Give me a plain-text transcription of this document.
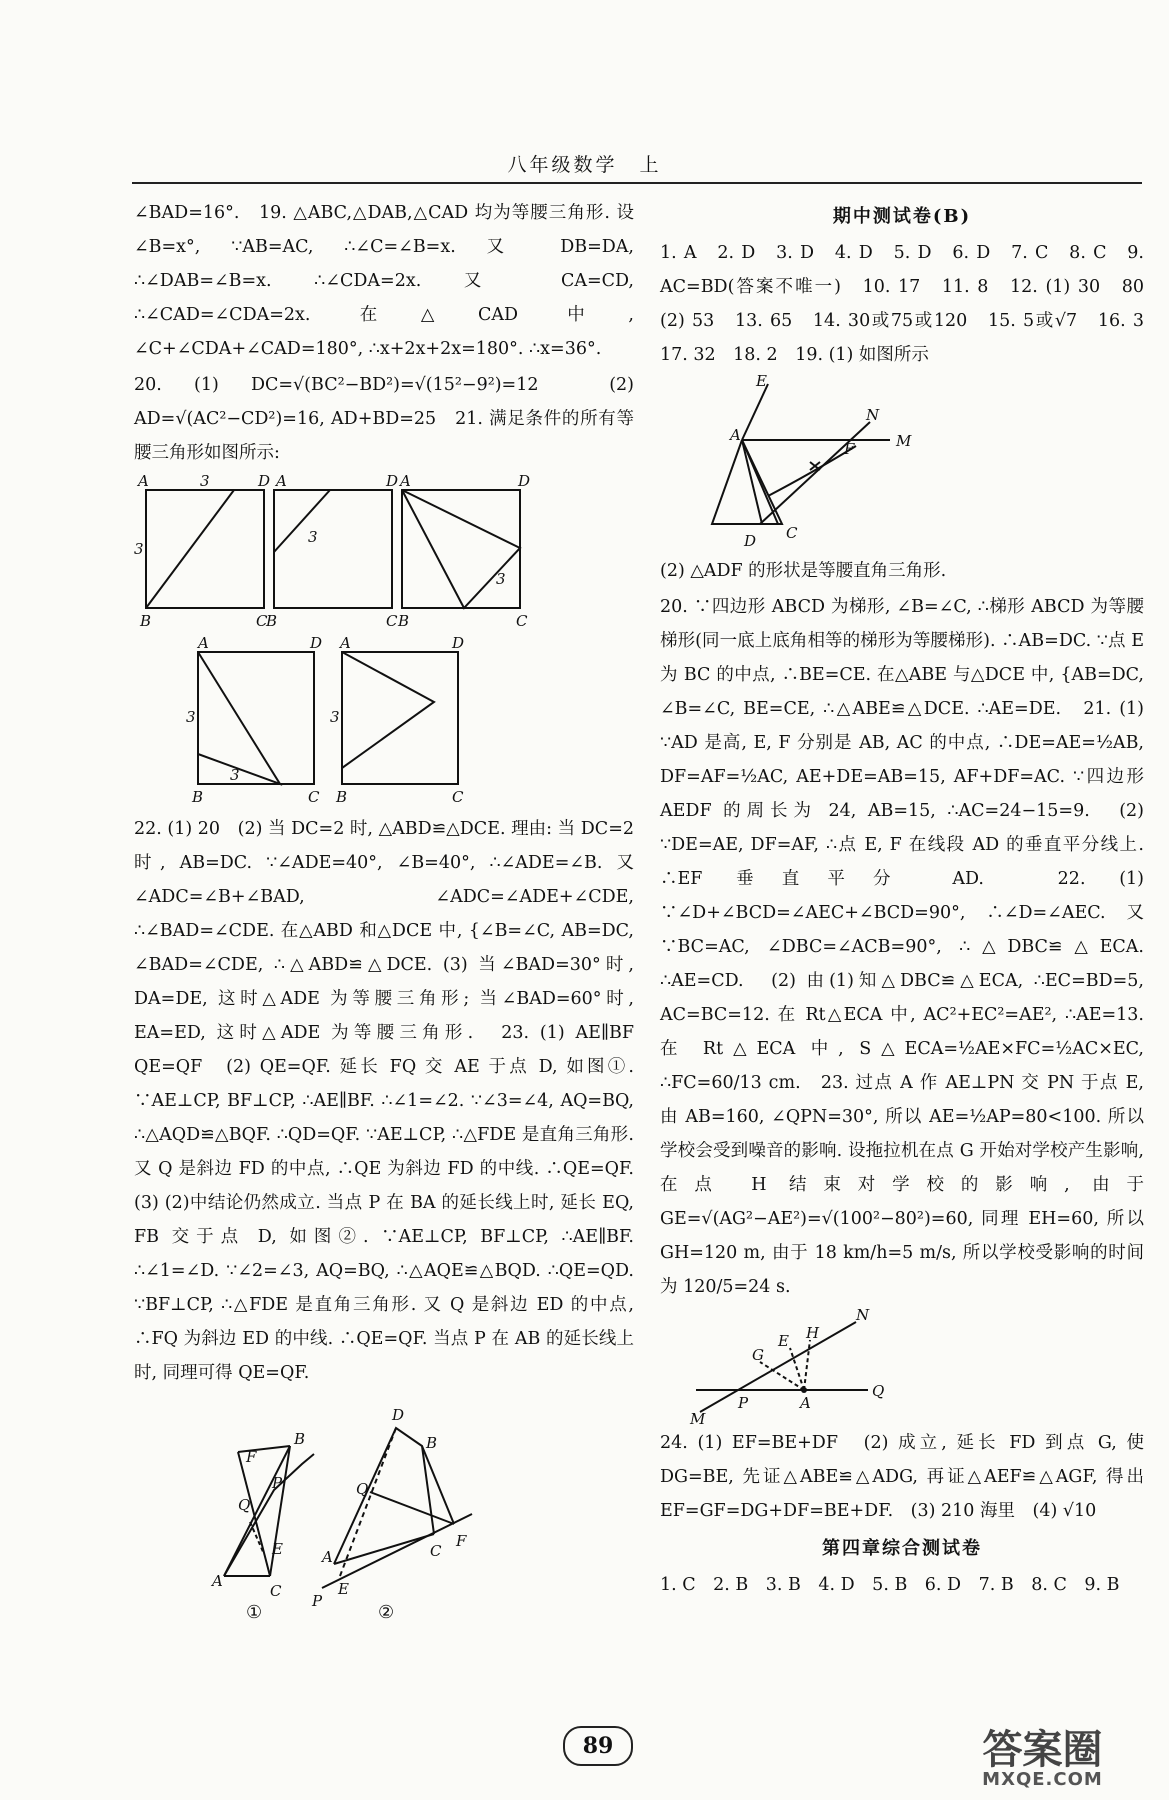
八年级数学　上

∠BAD=16°.　19. △ABC,△DAB,△CAD 均为等腰三角形. 设∠B=x°, ∵AB=AC, ∴∠C=∠B=x. 又 DB=DA, ∴∠DAB=∠B=x. ∴∠CDA=2x. 又 CA=CD, ∴∠CAD=∠CDA=2x. 在△CAD 中, ∠C+∠CDA+∠CAD=180°, ∴x+2x+2x=180°. ∴x=36°.

20. (1) DC=√(BC²−BD²)=√(15²−9²)=12　(2) AD=√(AC²−CD²)=16, AD+BD=25　21. 满足条件的所有等腰三角形如图所示:

A	3	D
3
B	C
A	D
3
B	C
A	D
3
B	C
A	D
3
3
B	C
A	D
3
B	C

22. (1) 20　(2) 当 DC=2 时, △ABD≌△DCE. 理由: 当 DC=2 时, AB=DC. ∵∠ADE=40°, ∠B=40°, ∴∠ADE=∠B. 又∠ADC=∠B+∠BAD, ∠ADC=∠ADE+∠CDE, ∴∠BAD=∠CDE. 在△ABD 和△DCE 中, {∠B=∠C, AB=DC, ∠BAD=∠CDE, ∴△ABD≌△DCE. (3) 当∠BAD=30°时, DA=DE, 这时△ADE 为等腰三角形; 当∠BAD=60°时, EA=ED, 这时△ADE 为等腰三角形.　23. (1) AE∥BF　QE=QF　(2) QE=QF. 延长 FQ 交 AE 于点 D, 如图①. ∵AE⊥CP, BF⊥CP, ∴AE∥BF. ∴∠1=∠2. ∵∠3=∠4, AQ=BQ, ∴△AQD≌△BQF. ∴QD=QF. ∵AE⊥CP, ∴△FDE 是直角三角形. 又 Q 是斜边 FD 的中点, ∴QE 为斜边 FD 的中线. ∴QE=QF.　(3) (2)中结论仍然成立. 当点 P 在 BA 的延长线上时, 延长 EQ, FB 交于点 D, 如图②. ∵AE⊥CP, BF⊥CP, ∴AE∥BF. ∴∠1=∠D. ∵∠2=∠3, AQ=BQ, ∴△AQE≌△BQD. ∴QE=QD. ∵BF⊥CP, ∴△FDE 是直角三角形. 又 Q 是斜边 ED 的中点, ∴FQ 为斜边 ED 的中线. ∴QE=QF. 当点 P 在 AB 的延长线上时, 同理可得 QE=QF.

F
B
P
Q
E
A
C
D
B
Q
A	C
F
E
P
①	②
期中测试卷(B)

1. A　2. D　3. D　4. D　5. D　6. D　7. C　8. C　9. AC=BD(答案不唯一)　10. 17　11. 8　12. (1) 30　80　(2) 53　13. 65　14. 30或75或120　15. 5或√7　16. 3　17. 32　18. 2　19. (1) 如图所示

E
A
N
F	M
D C

(2) △ADF 的形状是等腰直角三角形.

20. ∵四边形 ABCD 为梯形, ∠B=∠C, ∴梯形 ABCD 为等腰梯形(同一底上底角相等的梯形为等腰梯形). ∴AB=DC. ∵点 E 为 BC 的中点, ∴BE=CE. 在△ABE 与△DCE 中, {AB=DC, ∠B=∠C, BE=CE, ∴△ABE≌△DCE. ∴AE=DE.　21. (1) ∵AD 是高, E, F 分别是 AB, AC 的中点, ∴DE=AE=½AB, DF=AF=½AC, AE+DE=AB=15, AF+DF=AC. ∵四边形 AEDF 的周长为 24, AB=15, ∴AC=24−15=9.　(2) ∵DE=AE, DF=AF, ∴点 E, F 在线段 AD 的垂直平分线上. ∴EF 垂直平分 AD.　22. (1) ∵∠D+∠BCD=∠AEC+∠BCD=90°, ∴∠D=∠AEC. 又∵BC=AC, ∠DBC=∠ACB=90°, ∴△DBC≌△ECA. ∴AE=CD.　(2) 由(1)知△DBC≌△ECA, ∴EC=BD=5, AC=BC=12. 在 Rt△ECA 中, AC²+EC²=AE², ∴AE=13. 在 Rt△ECA 中, S△ECA=½AE×FC=½AC×EC, ∴FC=60/13 cm.　23. 过点 A 作 AE⊥PN 交 PN 于点 E, 由 AB=160, ∠QPN=30°, 所以 AE=½AP=80<100. 所以学校会受到噪音的影响. 设拖拉机在点 G 开始对学校产生影响, 在点 H 结束对学校的影响, 由于 GE=√(AG²−AE²)=√(100²−80²)=60, 同理 EH=60, 所以 GH=120 m, 由于 18 km/h=5 m/s, 所以学校受影响的时间为 120/5=24 s.

N
H
E
G
P	A
Q
M

24. (1) EF=BE+DF　(2) 成立, 延长 FD 到点 G, 使 DG=BE, 先证△ABE≌△ADG, 再证△AEF≌△AGF, 得出 EF=GF=DG+DF=BE+DF.　(3) 210 海里　(4) √10

第四章综合测试卷

1. C　2. B　3. B　4. D　5. B　6. D　7. B　8. C　9. B

89	答案圈
MXQE.COM
